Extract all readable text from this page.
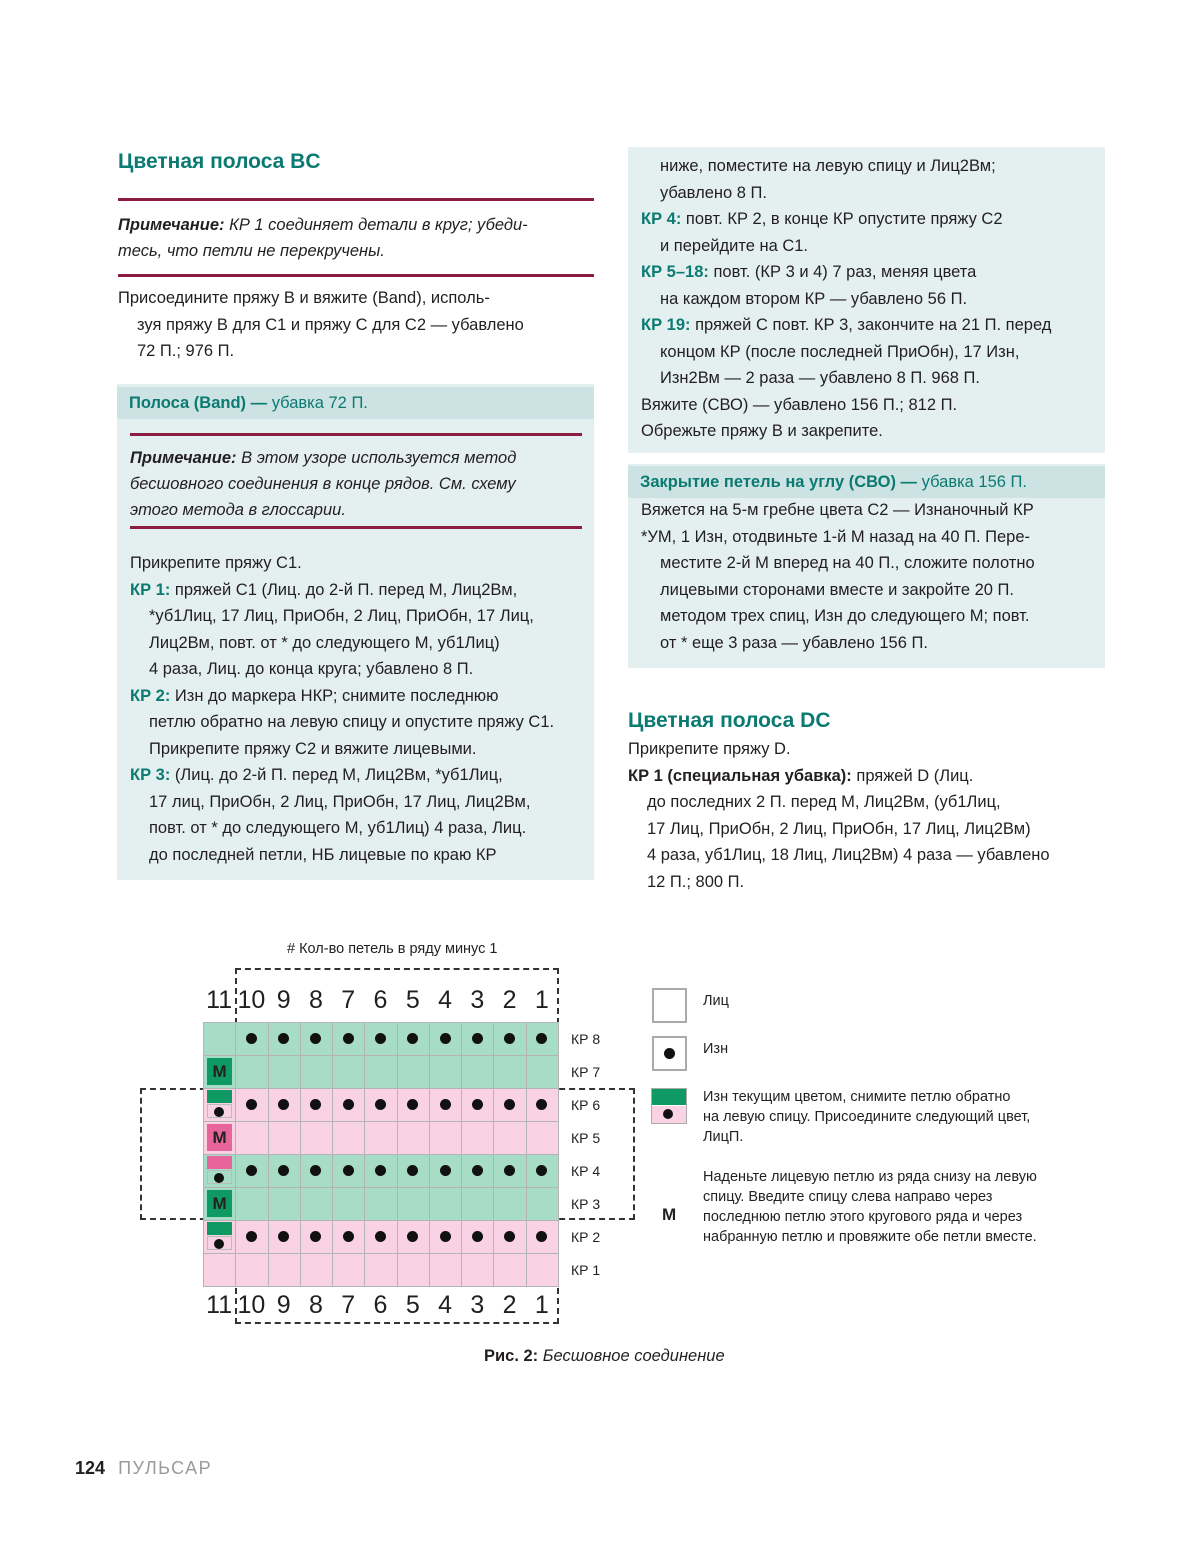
Цветная полоса BC
Примечание: КР 1 соединяет детали в круг; убеди-
тесь, что петли не перекручены.
Присоедините пряжу B и вяжите (Band), исполь-
зуя пряжу B для C1 и пряжу C для C2 — убавлено
72 П.; 976 П.
Полоса (Band) — убавка 72 П.
Примечание: В этом узоре используется метод
бесшовного соединения в конце рядов. См. схему
этого метода в глоссарии.
Прикрепите пряжу C1.
КР 1: пряжей C1 (Лиц. до 2-й П. перед М, Лиц2Вм,
*уб1Лиц, 17 Лиц, ПриОбн, 2 Лиц, ПриОбн, 17 Лиц,
Лиц2Вм, повт. от * до следующего М, уб1Лиц)
4 раза, Лиц. до конца круга; убавлено 8 П.
КР 2: Изн до маркера НКР; снимите последнюю
петлю обратно на левую спицу и опустите пряжу C1.
Прикрепите пряжу C2 и вяжите лицевыми.
КР 3: (Лиц. до 2-й П. перед М, Лиц2Вм, *уб1Лиц,
17 лиц, ПриОбн, 2 Лиц, ПриОбн, 17 Лиц, Лиц2Вм,
повт. от * до следующего М, уб1Лиц) 4 раза, Лиц.
до последней петли, НБ лицевые по краю КР
ниже, поместите на левую спицу и Лиц2Вм;
убавлено 8 П.
КР 4: повт. КР 2, в конце КР опустите пряжу C2
и перейдите на C1.
КР 5–18: повт. (КР 3 и 4) 7 раз, меняя цвета
на каждом втором КР — убавлено 56 П.
КР 19: пряжей C повт. КР 3, закончите на 21 П. перед
концом КР (после последней ПриОбн), 17 Изн,
Изн2Вм — 2 раза — убавлено 8 П. 968 П.
Вяжите (СВО) — убавлено 156 П.; 812 П.
Обрежьте пряжу B и закрепите.
Закрытие петель на углу (СВО) — убавка 156 П.
Вяжется на 5-м гребне цвета C2 — Изнаночный КР
*УМ, 1 Изн, отодвиньте 1-й М назад на 40 П. Пере-
местите 2-й М вперед на 40 П., сложите полотно
лицевыми сторонами вместе и закройте 20 П.
методом трех спиц, Изн до следующего М; повт.
от * еще 3 раза — убавлено 156 П.
Цветная полоса DC
Прикрепите пряжу D.
КР 1 (специальная убавка): пряжей D (Лиц.
до последних 2 П. перед М, Лиц2Вм, (уб1Лиц,
17 Лиц, ПриОбн, 2 Лиц, ПриОбн, 17 Лиц, Лиц2Вм)
4 раза, уб1Лиц, 18 Лиц, Лиц2Вм) 4 раза — убавлено
12 П.; 800 П.
# Кол-во петель в ряду минус 1
КР 8
КР 7
КР 6
КР 5
КР 4
КР 3
КР 2
КР 1
M
M
M
11 10 9 8 7 6 5 4 3 2 1
11 10 9 8 7 6 5 4 3 2 1
Лиц
Изн
Изн текущим цветом, снимите петлю обратно
на левую спицу. Присоедините следующий цвет,
ЛицП.
M
Наденьте лицевую петлю из ряда снизу на левую
спицу. Введите спицу слева направо через
последнюю петлю этого кругового ряда и через
набранную петлю и провяжите обе петли вместе.
Рис. 2: Бесшовное соединение
124 ПУЛЬСАР
